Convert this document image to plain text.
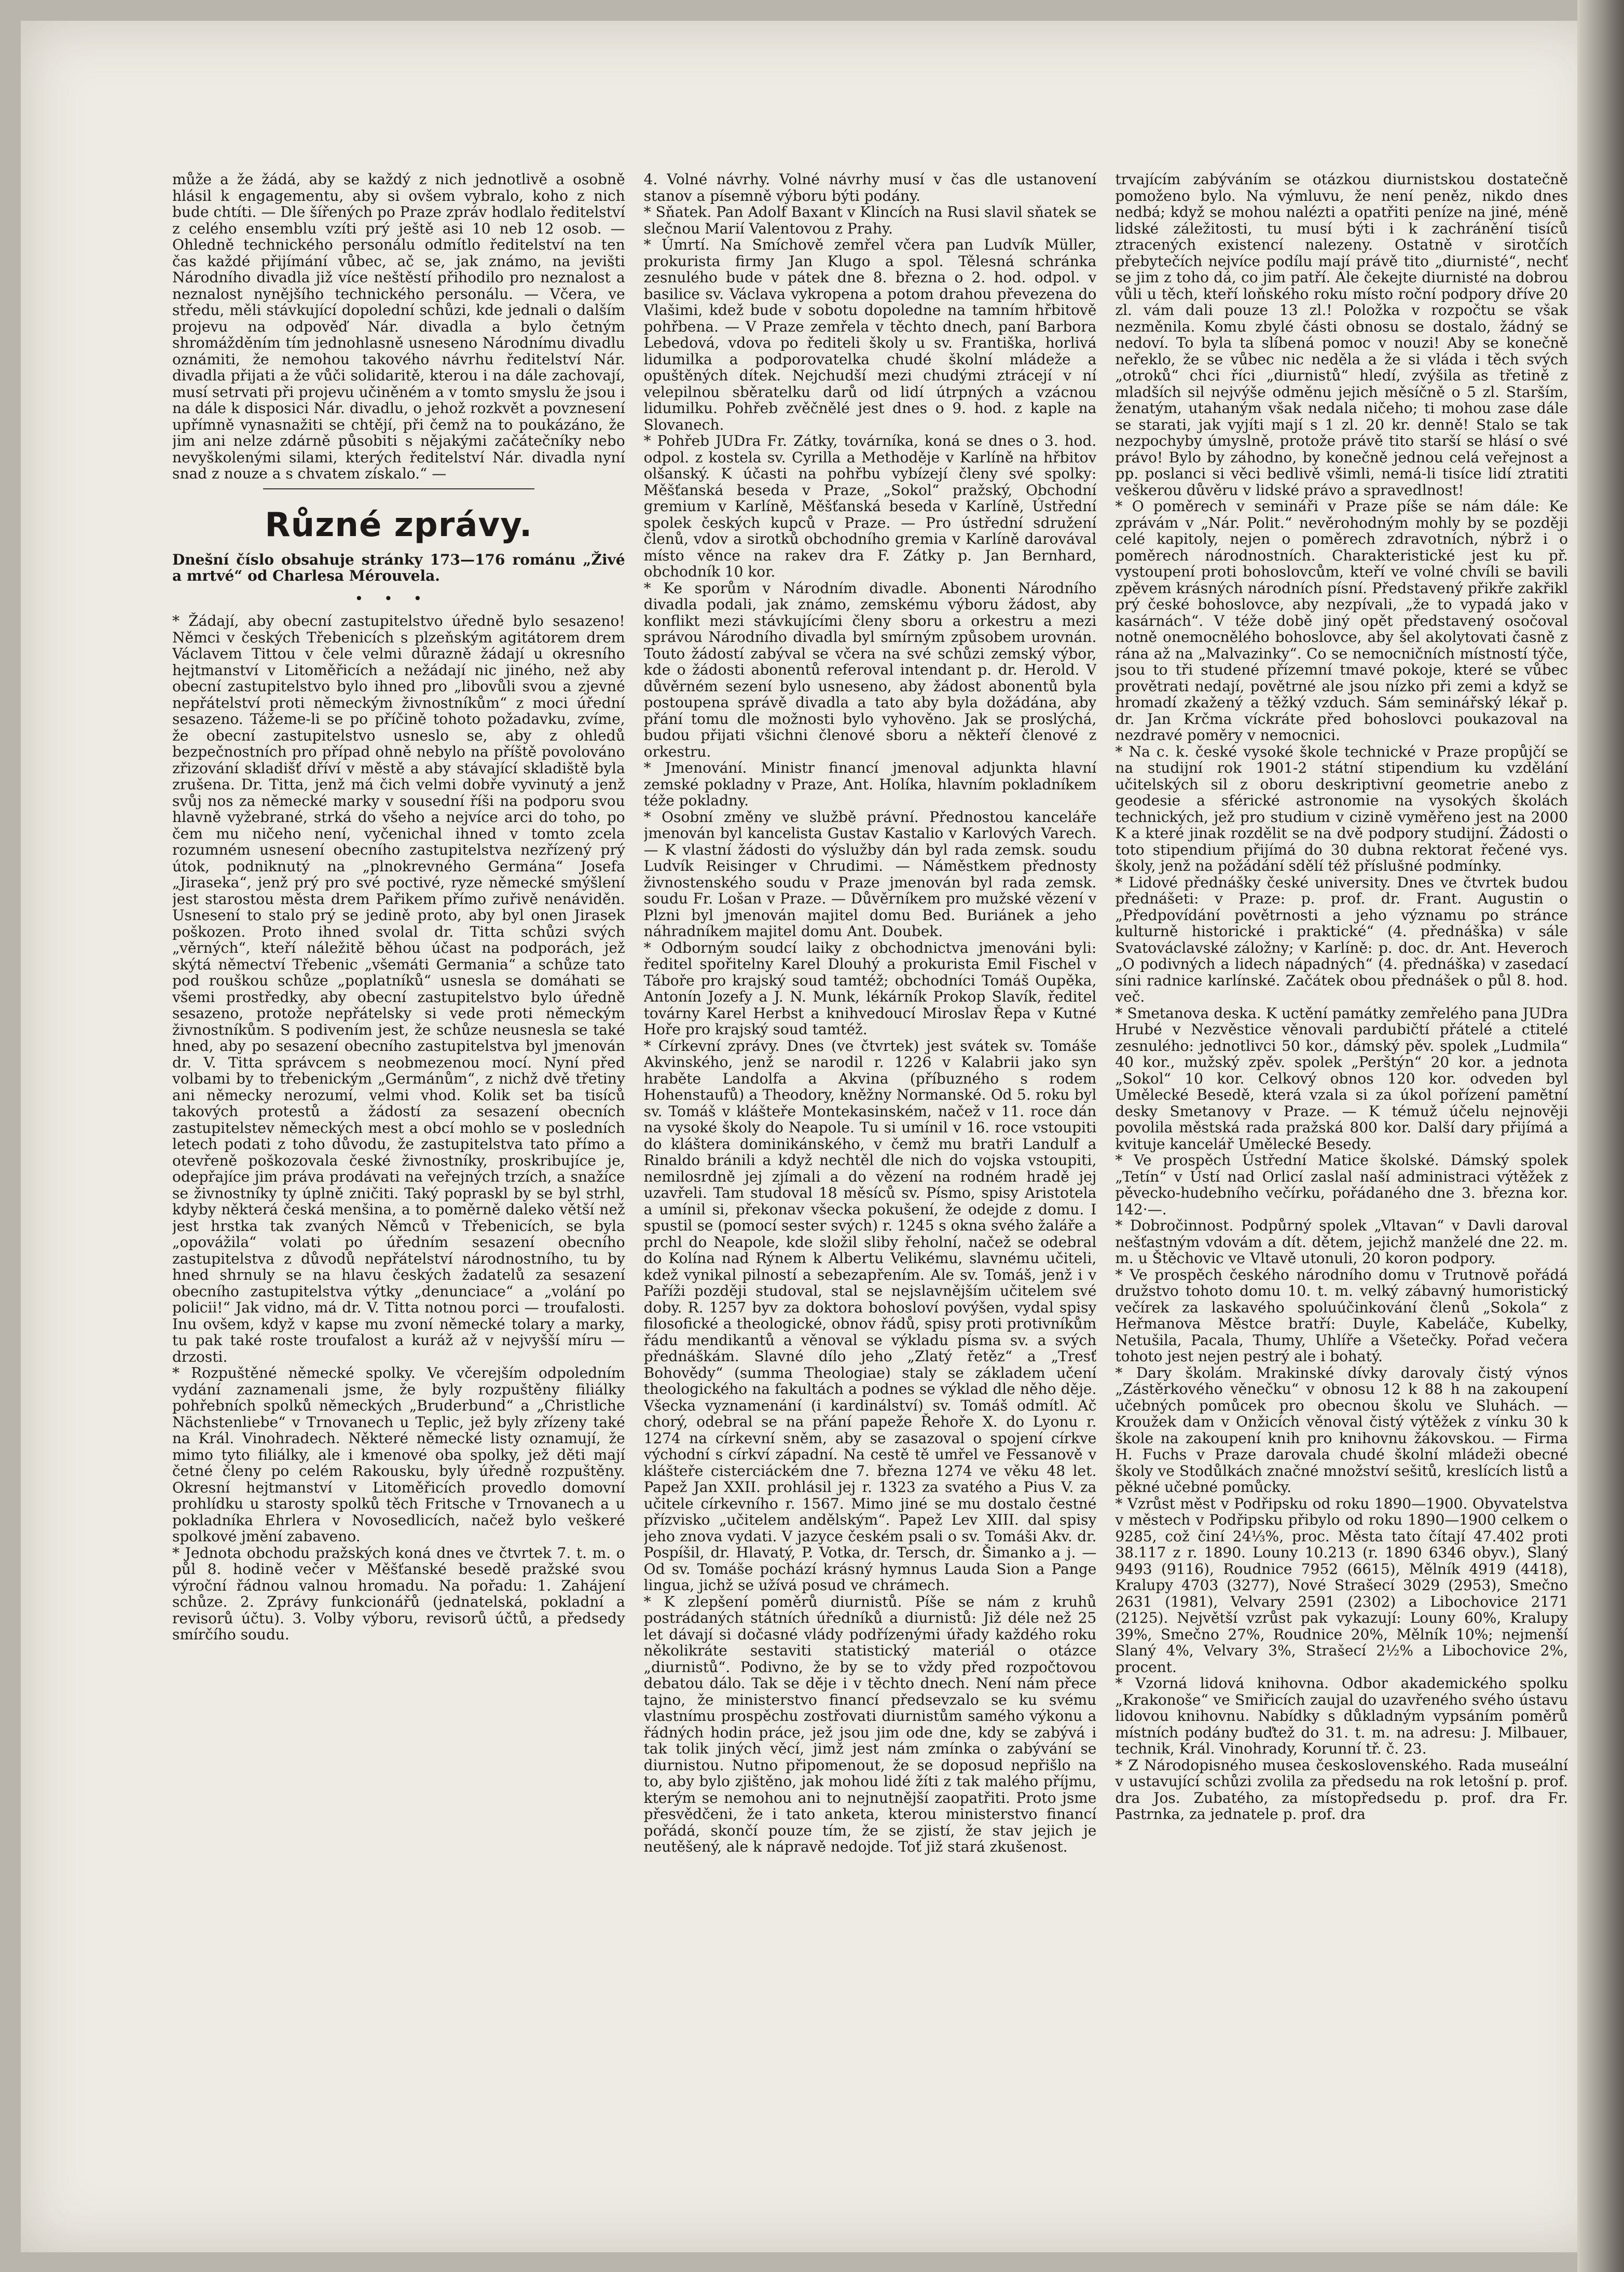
může a že žádá, aby se každý z nich jednotlivě a osobně hlásil k engagementu, aby si ovšem vybralo, koho z nich bude chtíti. — Dle šířených po Praze zpráv hodlalo ředitelství z celého ensemblu vzíti prý ještě asi 10 neb 12 osob. — Ohledně technického personálu odmítlo ředitelství na ten čas každé přijímání vůbec, ač se, jak známo, na jevišti Národního divadla již více neštěstí přihodilo pro neznalost a neznalost nynějšího technického personálu. — Včera, ve středu, měli stávkující dopolední schůzi, kde jednali o dalším projevu na odpověď Nár. divadla a bylo četným shromážděním tím jednohlasně usneseno Národnímu divadlu oznámiti, že nemohou takového návrhu ředitelství Nár. divadla přijati a že vůči solidaritě, kterou i na dále zachovají, musí setrvati při projevu učiněném a v tomto smyslu že jsou i na dále k disposici Nár. divadlu, o jehož rozkvět a povznesení upřímně vynasnažiti se chtějí, při čemž na to poukázáno, že jim ani nelze zdárně působiti s nějakými začátečníky nebo nevyškolenými silami, kterých ředitelství Nár. divadla nyní snad z nouze a s chvatem získalo.“ —

Různé zprávy.

Dnešní číslo obsahuje stránky 173—176 románu „Živé a mrtvé“ od Charlesa Mérouvela.

•••

* Žádají, aby obecní zastupitelstvo úředně bylo sesazeno! Němci v českých Třebenicích s plzeňským agitátorem drem Václavem Tittou v čele velmi důrazně žádají u okresního hejtmanství v Litoměřicích a nežádají nic jiného, než aby obecní zastupitelstvo bylo ihned pro „libovůli svou a zjevné nepřátelství proti německým živnostníkům“ z moci úřední sesazeno. Tážeme-li se po příčině tohoto požadavku, zvíme, že obecní zastupitelstvo usneslo se, aby z ohledů bezpečnostních pro případ ohně nebylo na příště povolováno zřizování skladišť dříví v městě a aby stávající skladiště byla zrušena. Dr. Titta, jenž má čich velmi dobře vyvinutý a jenž svůj nos za německé marky v sousední říši na podporu svou hlavně vyžebrané, strká do všeho a nejvíce arci do toho, po čem mu ničeho není, vyčenichal ihned v tomto zcela rozumném usnesení obecního zastupitelstva nezřízený prý útok, podniknutý na „plnokrevného Germána“ Josefa „Jiraseka“, jenž prý pro své poctivé, ryze německé smýšlení jest starostou města drem Pařikem přímo zuřivě nenáviděn. Usnesení to stalo prý se jedině proto, aby byl onen Jirasek poškozen. Proto ihned svolal dr. Titta schůzi svých „věrných“, kteří náležitě běhou účast na podporách, jež skýtá němectví Třebenic „všemáti Germania“ a schůze tato pod rouškou schůze „poplatníků“ usnesla se domáhati se všemi prostředky, aby obecní zastupitelstvo bylo úředně sesazeno, protože nepřátelsky si vede proti německým živnostníkům. S podivením jest, že schůze neusnesla se také hned, aby po sesazení obecního zastupitelstva byl jmenován dr. V. Titta správcem s neobmezenou mocí. Nyní před volbami by to třebenickým „Germánům“, z nichž dvě třetiny ani německy nerozumí, velmi vhod. Kolik set ba tisíců takových protestů a žádostí za sesazení obecních zastupitelstev německých mest a obcí mohlo se v posledních letech podati z toho důvodu, že zastupitelstva tato přímo a otevřeně poškozovala české živnostníky, proskribujíce je, odepřajíce jim práva prodávati na veřejných trzích, a snažíce se živnostníky ty úplně zničiti. Taký popraskl by se byl strhl, kdyby některá česká menšina, a to poměrně daleko větší než jest hrstka tak zvaných Němců v Třebenicích, se byla „opovážila“ volati po úředním sesazení obecního zastupitelstva z důvodů nepřátelství národnostního, tu by hned shrnuly se na hlavu českých žadatelů za sesazení obecního zastupitelstva výtky „denunciace“ a „volání po policii!“ Jak vidno, má dr. V. Titta notnou porci — troufalosti. Inu ovšem, když v kapse mu zvoní německé tolary a marky, tu pak také roste troufalost a kuráž až v nejvyšší míru — drzosti.

* Rozpuštěné německé spolky. Ve včerejším odpoledním vydání zaznamenali jsme, že byly rozpuštěny filiálky pohřebních spolků německých „Bruderbund“ a „Christliche Nächstenliebe“ v Trnovanech u Teplic, jež byly zřízeny také na Král. Vinohradech. Některé německé listy oznamují, že mimo tyto filiálky, ale i kmenové oba spolky, jež děti mají četné členy po celém Rakousku, byly úředně rozpuštěny. Okresní hejtmanství v Litoměřicích provedlo domovní prohlídku u starosty spolků těch Fritsche v Trnovanech a u pokladníka Ehrlera v Novosedlicích, načež bylo veškeré spolkové jmění zabaveno.

* Jednota obchodu pražských koná dnes ve čtvrtek 7. t. m. o půl 8. hodině večer v Měšťanské besedě pražské svou výroční řádnou valnou hromadu. Na pořadu: 1. Zahájení schůze. 2. Zprávy funkcionářů (jednatelská, pokladní a revisorů účtu). 3. Volby výboru, revisorů účtů, a předsedy smírčího soudu.

4. Volné návrhy. Volné návrhy musí v čas dle ustanovení stanov a písemně výboru býti podány.

* Sňatek. Pan Adolf Baxant v Klincích na Rusi slavil sňatek se slečnou Marií Valentovou z Prahy.

* Úmrtí. Na Smíchově zemřel včera pan Ludvík Müller, prokurista firmy Jan Klugo a spol. Tělesná schránka zesnulého bude v pátek dne 8. března o 2. hod. odpol. v basilice sv. Václava vykropena a potom drahou převezena do Vlašimi, kdež bude v sobotu dopoledne na tamním hřbitově pohřbena. — V Praze zemřela v těchto dnech, paní Barbora Lebedová, vdova po řediteli školy u sv. Františka, horlivá lidumilka a podporovatelka chudé školní mládeže a opuštěných dítek. Nejchudší mezi chudými ztrácejí v ní velepilnou sběratelku darů od lidí útrpných a vzácnou lidumilku. Pohřeb zvěčnělé jest dnes o 9. hod. z kaple na Slovanech.

* Pohřeb JUDra Fr. Zátky, továrníka, koná se dnes o 3. hod. odpol. z kostela sv. Cyrilla a Methoděje v Karlíně na hřbitov olšanský. K účasti na pohřbu vybízejí členy své spolky: Měšťanská beseda v Praze, „Sokol“ pražský, Obchodní gremium v Karlíně, Měšťanská beseda v Karlíně, Ústřední spolek českých kupců v Praze. — Pro ústřední sdružení členů, vdov a sirotků obchodního gremia v Karlíně darovával místo věnce na rakev dra F. Zátky p. Jan Bernhard, obchodník 10 kor.

* Ke sporům v Národním divadle. Abonenti Národního divadla podali, jak známo, zemskému výboru žádost, aby konflikt mezi stávkujícími členy sboru a orkestru a mezi správou Národního divadla byl smírným způsobem urovnán. Touto žádostí zabýval se včera na své schůzi zemský výbor, kde o žádosti abonentů referoval intendant p. dr. Herold. V důvěrném sezení bylo usneseno, aby žádost abonentů byla postoupena správě divadla a tato aby byla dožádána, aby přání tomu dle možnosti bylo vyhověno. Jak se proslýchá, budou přijati všichni členové sboru a někteří členové z orkestru.

* Jmenování. Ministr financí jmenoval adjunkta hlavní zemské pokladny v Praze, Ant. Holíka, hlavním pokladníkem téže pokladny.

* Osobní změny ve službě právní. Přednostou kanceláře jmenován byl kancelista Gustav Kastalio v Karlových Varech. — K vlastní žádosti do výslužby dán byl rada zemsk. soudu Ludvík Reisinger v Chrudimi. — Náměstkem přednosty živnostenského soudu v Praze jmenován byl rada zemsk. soudu Fr. Lošan v Praze. — Důvěrníkem pro mužské vězení v Plzni byl jmenován majitel domu Bed. Buriánek a jeho náhradníkem majitel domu Ant. Doubek.

* Odborným soudcí laiky z obchodnictva jmenováni byli: ředitel spořitelny Karel Dlouhý a prokurista Emil Fischel v Táboře pro krajský soud tamtéž; obchodníci Tomáš Oupěka, Antonín Jozefy a J. N. Munk, lékárník Prokop Slavík, ředitel továrny Karel Herbst a knihvedoucí Miroslav Řepa v Kutné Hoře pro krajský soud tamtéž.

* Církevní zprávy. Dnes (ve čtvrtek) jest svátek sv. Tomáše Akvinského, jenž se narodil r. 1226 v Kalabrii jako syn hraběte Landolfa a Akvina (příbuzného s rodem Hohenstaufů) a Theodory, kněžny Normanské. Od 5. roku byl sv. Tomáš v klášteře Montekasinském, načež v 11. roce dán na vysoké školy do Neapole. Tu si umínil v 16. roce vstoupiti do kláštera dominikánského, v čemž mu bratři Landulf a Rinaldo bránili a když nechtěl dle nich do vojska vstoupiti, nemilosrdně jej zjímali a do vězení na rodném hradě jej uzavřeli. Tam studoval 18 měsíců sv. Písmo, spisy Aristotela a umínil si, překonav všecka pokušení, že odejde z domu. I spustil se (pomocí sester svých) r. 1245 s okna svého žaláře a prchl do Neapole, kde složil sliby řeholní, načež se odebral do Kolína nad Rýnem k Albertu Velikému, slavnému učiteli, kdež vynikal pilností a sebezapřením. Ale sv. Tomáš, jenž i v Paříži později studoval, stal se nejslavnějším učitelem své doby. R. 1257 byv za doktora bohosloví povýšen, vydal spisy filosofické a theologické, obnov řádů, spisy proti protivníkům řádu mendikantů a věnoval se výkladu písma sv. a svých přednáškám. Slavné dílo jeho „Zlatý řetěz“ a „Tresť Bohovědy“ (summa Theologiae) staly se základem učení theologického na fakultách a podnes se výklad dle něho děje. Všecka vyznamenání (i kardinálství) sv. Tomáš odmítl. Ač chorý, odebral se na přání papeže Řehoře X. do Lyonu r. 1274 na církevní sněm, aby se zasazoval o spojení církve východní s církví západní. Na cestě tě umřel ve Fessanově v klášteře cisterciáckém dne 7. března 1274 ve věku 48 let. Papež Jan XXII. prohlásil jej r. 1323 za svatého a Pius V. za učitele církevního r. 1567. Mimo jiné se mu dostalo čestné přízvisko „učitelem andělským“. Papež Lev XIII. dal spisy jeho znova vydati. V jazyce českém psali o sv. Tomáši Akv. dr. Pospíšil, dr. Hlavatý, P. Votka, dr. Tersch, dr. Šimanko a j. — Od sv. Tomáše pochází krásný hymnus Lauda Sion a Pange lingua, jichž se užívá posud ve chrámech.

* K zlepšení poměrů diurnistů. Píše se nám z kruhů postrádaných státních úředníků a diurnistů: Již déle než 25 let dávají si dočasné vlády podřízenými úřady každého roku několikráte sestaviti statistický materiál o otázce „diurnistů“. Podivno, že by se to vždy před rozpočtovou debatou dálo. Tak se děje i v těchto dnech. Není nám přece tajno, že ministerstvo financí předsevzalo se ku svému vlastnímu prospěchu zostřovati diurnistům samého výkonu a řádných hodin práce, jež jsou jim ode dne, kdy se zabývá i tak tolik jiných věcí, jimž jest nám zmínka o zabývání se diurnistou. Nutno připomenout, že se doposud nepřišlo na to, aby bylo zjištěno, jak mohou lidé žíti z tak malého příjmu, kterým se nemohou ani to nejnutnější zaopatřiti. Proto jsme přesvědčeni, že i tato anketa, kterou ministerstvo financí pořádá, skončí pouze tím, že se zjistí, že stav jejich je neutěšený, ale k nápravě nedojde. Toť již stará zkušenost.

trvajícím zabýváním se otázkou diurnistskou dostatečně pomoženo bylo. Na výmluvu, že není peněz, nikdo dnes nedbá; když se mohou nalézti a opatřiti peníze na jiné, méně lidské záležitosti, tu musí býti i k zachránění tisíců ztracených existencí nalezeny. Ostatně v sirotčích přebytečích nejvíce podílu mají právě tito „diurnisté“, nechť se jim z toho dá, co jim patří. Ale čekejte diurnisté na dobrou vůli u těch, kteří loňského roku místo roční podpory dříve 20 zl. vám dali pouze 13 zl.! Položka v rozpočtu se však nezměnila. Komu zbylé části obnosu se dostalo, žádný se nedoví. To byla ta slíbená pomoc v nouzi! Aby se konečně neřeklo, že se vůbec nic neděla a že si vláda i těch svých „otroků“ chci říci „diurnistů“ hledí, zvýšila as třetině z mladších sil nejvýše odměnu jejich měsíčně o 5 zl. Starším, ženatým, utahaným však nedala ničeho; ti mohou zase dále se starati, jak vyjíti mají s 1 zl. 20 kr. denně! Stalo se tak nezpochyby úmyslně, protože právě tito starší se hlásí o své právo! Bylo by záhodno, by konečně jednou celá veřejnost a pp. poslanci si věci bedlivě všimli, nemá-li tisíce lidí ztratiti veškerou důvěru v lidské právo a spravedlnost!

* O poměrech v semináři v Praze píše se nám dále: Ke zprávám v „Nár. Polit.“ nevěrohodným mohly by se později celé kapitoly, nejen o poměrech zdravotních, nýbrž i o poměrech národnostních. Charakteristické jest ku př. vystoupení proti bohoslovcům, kteří ve volné chvíli se bavili zpěvem krásných národních písní. Představený přikře zakřikl prý české bohoslovce, aby nezpívali, „že to vypadá jako v kasárnách“. V téže době jiný opět představený osočoval notně onemocnělého bohoslovce, aby šel akolytovati časně z rána až na „Malvazinky“. Co se nemocničních místností týče, jsou to tři studené přízemní tmavé pokoje, které se vůbec provětrati nedají, povětrné ale jsou nízko při zemi a když se hromadí zkažený a těžký vzduch. Sám seminářský lékař p. dr. Jan Krčma víckráte před bohoslovci poukazoval na nezdravé poměry v nemocnici.

* Na c. k. české vysoké škole technické v Praze propůjčí se na studijní rok 1901-2 státní stipendium ku vzdělání učitelských sil z oboru deskriptivní geometrie anebo z geodesie a sférické astronomie na vysokých školách technických, jež pro studium v cizině vyměřeno jest na 2000 K a které jinak rozdělit se na dvě podpory studijní. Žádosti o toto stipendium přijímá do 30 dubna rektorat řečené vys. školy, jenž na požádání sdělí též příslušné podmínky.

* Lidové přednášky české university. Dnes ve čtvrtek budou přednášeti: v Praze: p. prof. dr. Frant. Augustin o „Předpovídání povětrnosti a jeho významu po stránce kulturně historické i praktické“ (4. přednáška) v sále Svatováclavské záložny; v Karlíně: p. doc. dr. Ant. Heveroch „O podivných a lidech nápadných“ (4. přednáška) v zasedací síni radnice karlínské. Začátek obou přednášek o půl 8. hod. več.

* Smetanova deska. K uctění památky zemřelého pana JUDra Hrubé v Nezvěstice věnovali pardubičtí přátelé a ctitelé zesnulého: jednotlivci 50 kor., dámský pěv. spolek „Ludmila“ 40 kor., mužský zpěv. spolek „Perštýn“ 20 kor. a jednota „Sokol“ 10 kor. Celkový obnos 120 kor. odveden byl Umělecké Besedě, která vzala si za úkol pořízení pamětní desky Smetanovy v Praze. — K témuž účelu nejnověji povolila městská rada pražská 800 kor. Další dary přijímá a kvituje kancelář Umělecké Besedy.

* Ve prospěch Ústřední Matice školské. Dámský spolek „Tetín“ v Ústí nad Orlicí zaslal naší administraci výtěžek z pěvecko-hudebního večírku, pořádaného dne 3. března kor. 142·—.

* Dobročinnost. Podpůrný spolek „Vltavan“ v Davli daroval nešťastným vdovám a dít. dětem, jejichž manželé dne 22. m. m. u Štěchovic ve Vltavě utonuli, 20 koron podpory.

* Ve prospěch českého národního domu v Trutnově pořádá družstvo tohoto domu 10. t. m. velký zábavný humoristický večírek za laskavého spoluúčinkování členů „Sokola“ z Heřmanova Městce bratří: Duyle, Kabeláče, Kubelky, Netušila, Pacala, Thumy, Uhlíře a Všetečky. Pořad večera tohoto jest nejen pestrý ale i bohatý.

* Dary školám. Mrakinské dívky darovaly čistý výnos „Zástěrkového věnečku“ v obnosu 12 k 88 h na zakoupení učebných pomůcek pro obecnou školu ve Sluhách. — Kroužek dam v Onžicích věnoval čistý výtěžek z vínku 30 k škole na zakoupení knih pro knihovnu žákovskou. — Firma H. Fuchs v Praze darovala chudé školní mládeži obecné školy ve Stodůlkách značné množství sešitů, kreslících listů a pěkné učebné pomůcky.

* Vzrůst měst v Podřipsku od roku 1890—1900. Obyvatelstva v městech v Podřipsku přibylo od roku 1890—1900 celkem o 9285, což činí 24⅓%, proc. Města tato čítají 47.402 proti 38.117 z r. 1890. Louny 10.213 (r. 1890 6346 obyv.), Slaný 9493 (9116), Roudnice 7952 (6615), Mělník 4919 (4418), Kralupy 4703 (3277), Nové Strašecí 3029 (2953), Smečno 2631 (1981), Velvary 2591 (2302) a Libochovice 2171 (2125). Největší vzrůst pak vykazují: Louny 60%, Kralupy 39%, Smečno 27%, Roudnice 20%, Mělník 10%; nejmenší Slaný 4%, Velvary 3%, Strašecí 2½% a Libochovice 2%, procent.

* Vzorná lidová knihovna. Odbor akademického spolku „Krakonoše“ ve Smiřicích zaujal do uzavřeného svého ústavu lidovou knihovnu. Nabídky s důkladným vypsáním poměrů místních podány buďtež do 31. t. m. na adresu: J. Milbauer, technik, Král. Vinohrady, Korunní tř. č. 23.

* Z Národopisného musea československého. Rada museální v ustavující schůzi zvolila za předsedu na rok letošní p. prof. dra Jos. Zubatého, za místopředsedu p. prof. dra Fr. Pastrnka, za jednatele p. prof. dra
